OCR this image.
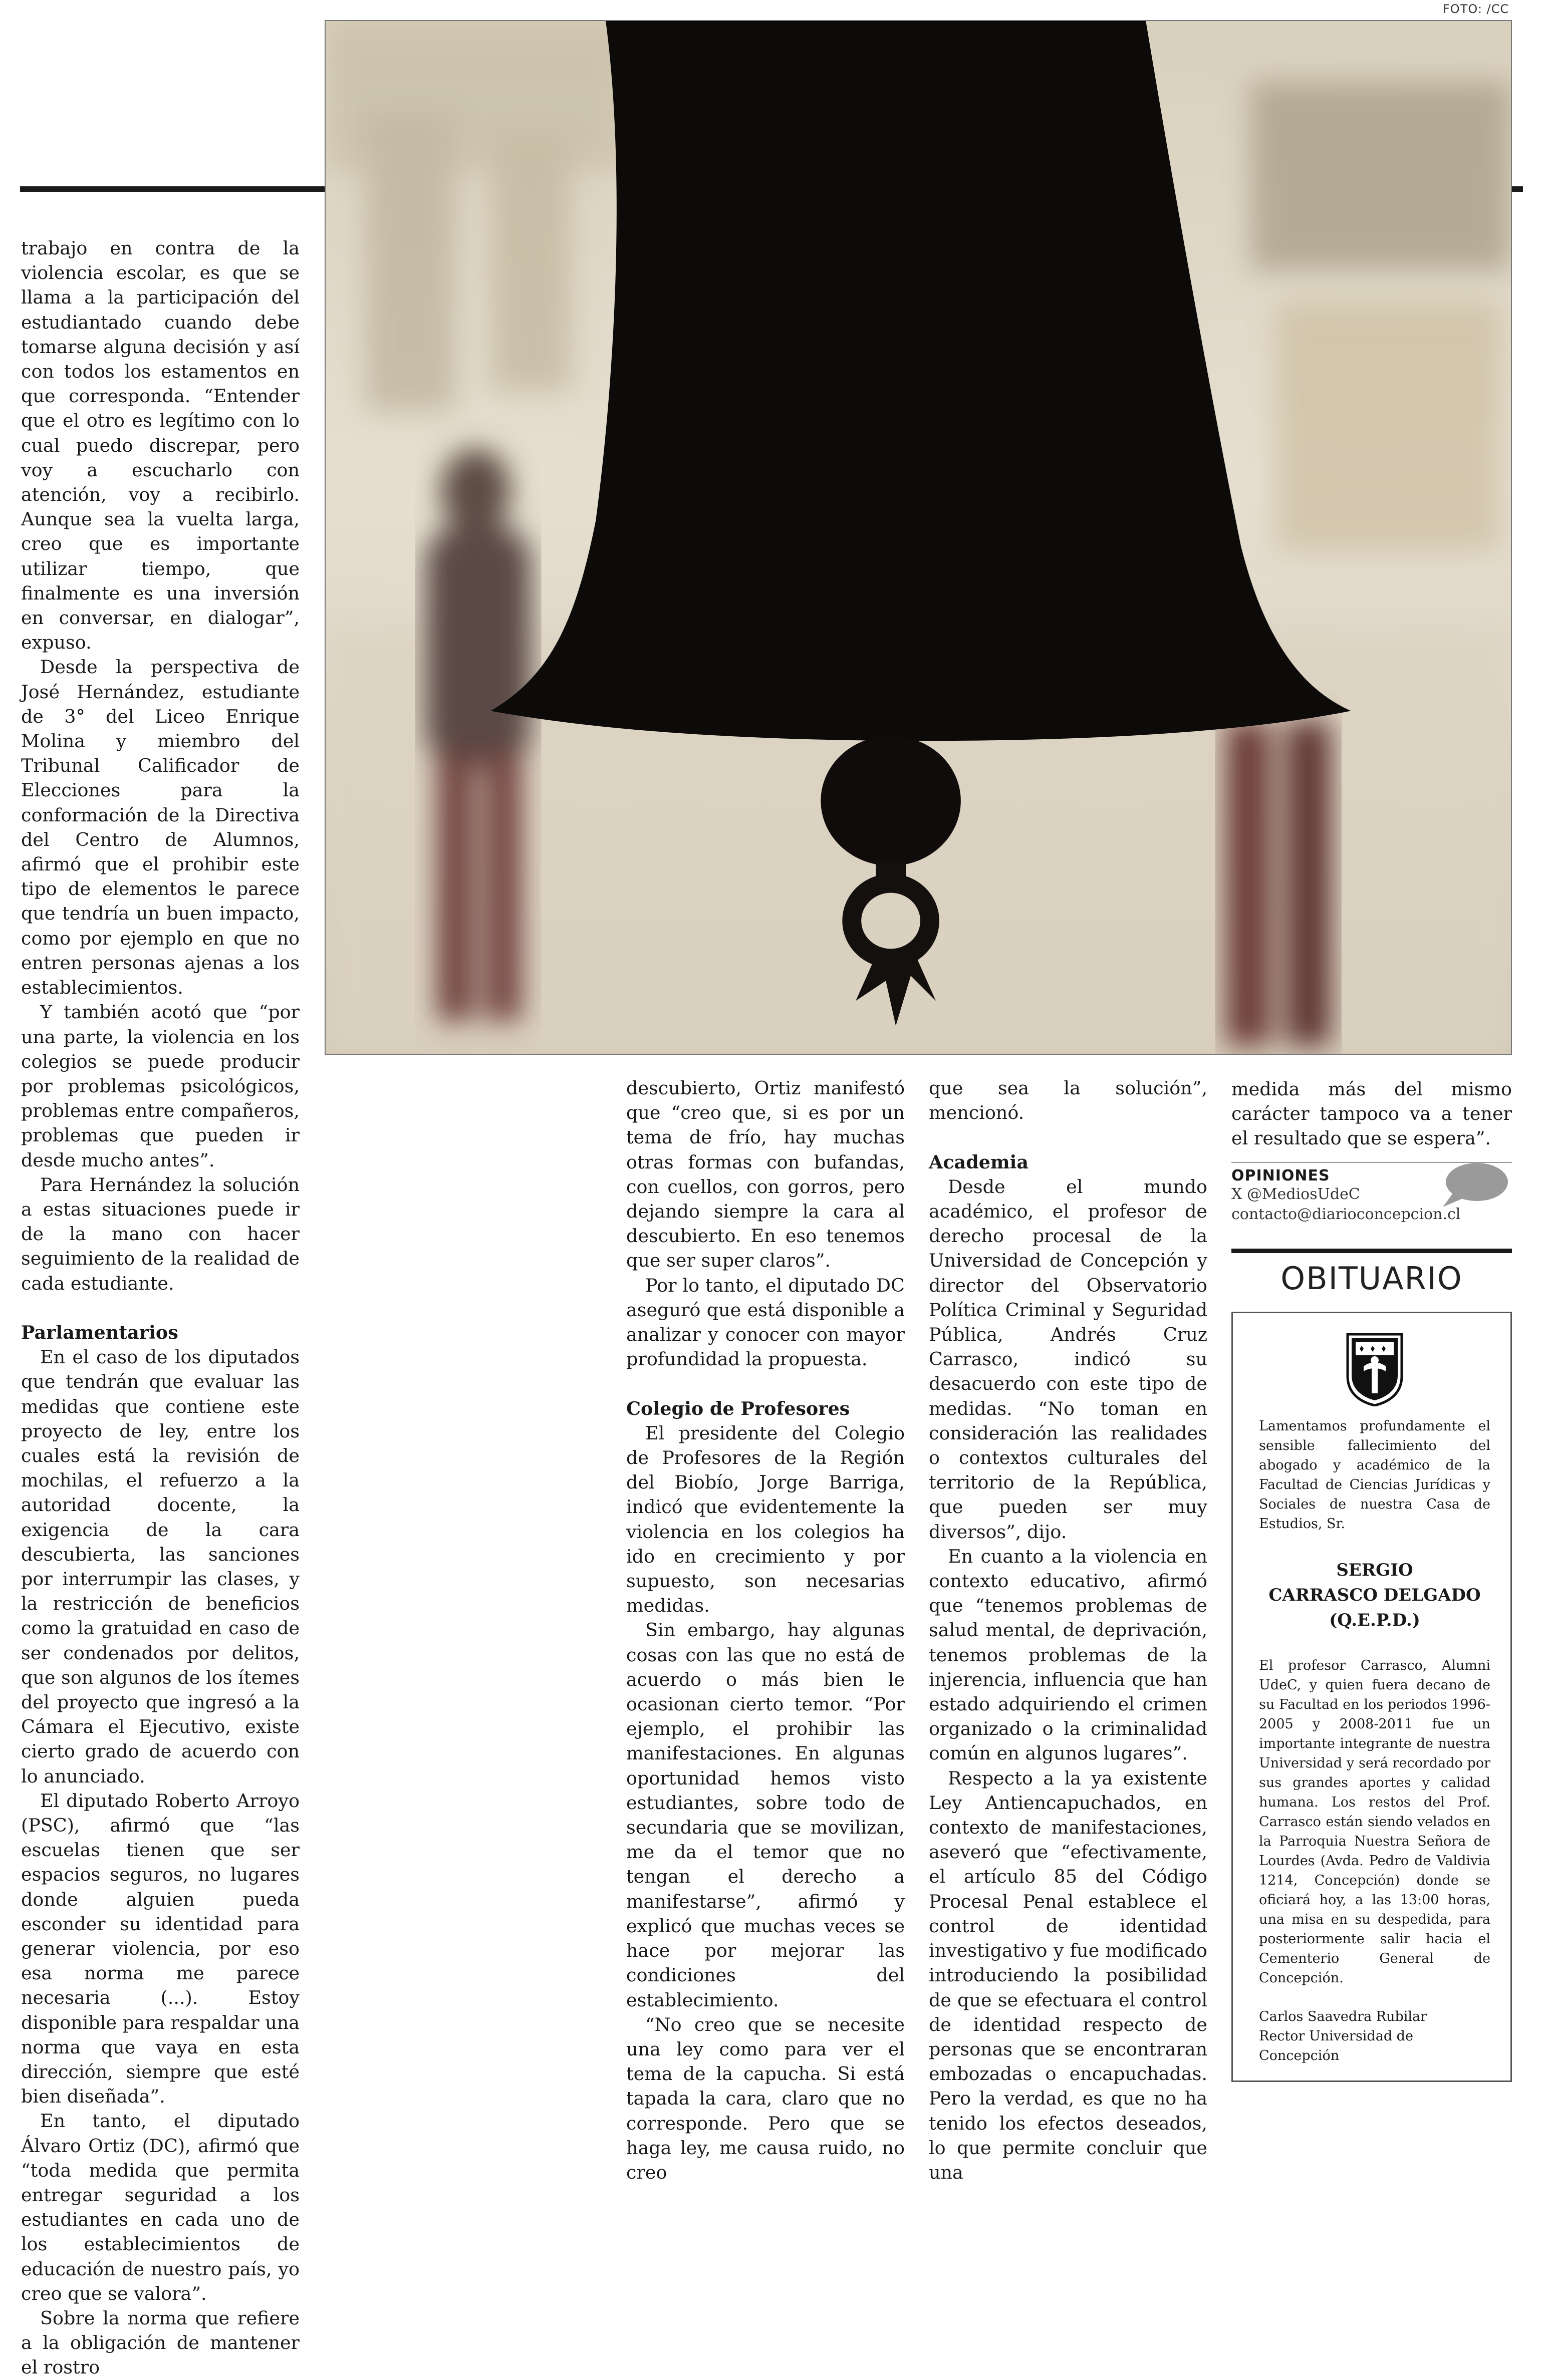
FOTO: /CC

trabajo en contra de la violencia escolar, es que se llama a la participación del estudiantado cuando debe tomarse alguna decisión y así con todos los estamentos en que corresponda. “Entender que el otro es legítimo con lo cual puedo discrepar, pero voy a escucharlo con atención, voy a recibirlo. Aunque sea la vuelta larga, creo que es importante utilizar tiempo, que finalmente es una inversión en conversar, en dialogar”, expuso.

Desde la perspectiva de José Hernández, estudiante de 3° del Liceo Enrique Molina y miembro del Tribunal Calificador de Elecciones para la conformación de la Directiva del Centro de Alumnos, afirmó que el prohibir este tipo de elementos le parece que tendría un buen impacto, como por ejemplo en que no entren personas ajenas a los establecimientos.

Y también acotó que “por una parte, la violencia en los colegios se puede producir por problemas psicológicos, problemas entre compañeros, problemas que pueden ir desde mucho antes”.

Para Hernández la solución a estas situaciones puede ir de la mano con hacer seguimiento de la realidad de cada estudiante.

Parlamentarios

En el caso de los diputados que tendrán que evaluar las medidas que contiene este proyecto de ley, entre los cuales está la revisión de mochilas, el refuerzo a la autoridad docente, la exigencia de la cara descubierta, las sanciones por interrumpir las clases, y la restricción de beneficios como la gratuidad en caso de ser condenados por delitos, que son algunos de los ítemes del proyecto que ingresó a la Cámara el Ejecutivo, existe cierto grado de acuerdo con lo anunciado.

El diputado Roberto Arroyo (PSC), afirmó que “las escuelas tienen que ser espacios seguros, no lugares donde alguien pueda esconder su identidad para generar violencia, por eso esa norma me parece necesaria (...). Estoy disponible para respaldar una norma que vaya en esta dirección, siempre que esté bien diseñada”.

En tanto, el diputado Álvaro Ortiz (DC), afirmó que “toda medida que permita entregar seguridad a los estudiantes en cada uno de los establecimientos de educación de nuestro país, yo creo que se valora”.

Sobre la norma que refiere a la obligación de mantener el rostro

descubierto, Ortiz manifestó que “creo que, si es por un tema de frío, hay muchas otras formas con bufandas, con cuellos, con gorros, pero dejando siempre la cara al descubierto. En eso tenemos que ser super claros”.

Por lo tanto, el diputado DC aseguró que está disponible a analizar y conocer con mayor profundidad la propuesta.

Colegio de Profesores

El presidente del Colegio de Profesores de la Región del Biobío, Jorge Barriga, indicó que evidentemente la violencia en los colegios ha ido en crecimiento y por supuesto, son necesarias medidas.

Sin embargo, hay algunas cosas con las que no está de acuerdo o más bien le ocasionan cierto temor. “Por ejemplo, el prohibir las manifestaciones. En algunas oportunidad hemos visto estudiantes, sobre todo de secundaria que se movilizan, me da el temor que no tengan el derecho a manifestarse”, afirmó y explicó que muchas veces se hace por mejorar las condiciones del establecimiento.

“No creo que se necesite una ley como para ver el tema de la capucha. Si está tapada la cara, claro que no corresponde. Pero que se haga ley, me causa ruido, no creo

que sea la solución”, mencionó.

Academia

Desde el mundo académico, el profesor de derecho procesal de la Universidad de Concepción y director del Observatorio Política Criminal y Seguridad Pública, Andrés Cruz Carrasco, indicó su desacuerdo con este tipo de medidas. “No toman en consideración las realidades o contextos culturales del territorio de la República, que pueden ser muy diversos”, dijo.

En cuanto a la violencia en contexto educativo, afirmó que “tenemos problemas de salud mental, de deprivación, tenemos problemas de la injerencia, influencia que han estado adquiriendo el crimen organizado o la criminalidad común en algunos lugares”.

Respecto a la ya existente Ley Antiencapuchados, en contexto de manifestaciones, aseveró que “efectivamente, el artículo 85 del Código Procesal Penal establece el control de identidad investigativo y fue modificado introduciendo la posibilidad de que se efectuara el control de identidad respecto de personas que se encontraran embozadas o encapuchadas. Pero la verdad, es que no ha tenido los efectos deseados, lo que permite concluir que una

medida más del mismo carácter tampoco va a tener el resultado que se espera”.
OPINIONES
X @MediosUdeC
contacto@diarioconcepcion.cl
OBITUARIO

Lamentamos profundamente el sensible fallecimiento del abogado y académico de la Facultad de Ciencias Jurídicas y Sociales de nuestra Casa de Estudios, Sr.

SERGIO
CARRASCO DELGADO
(Q.E.P.D.)

El profesor Carrasco, Alumni UdeC, y quien fuera decano de su Facultad en los periodos 1996-2005 y 2008-2011 fue un importante integrante de nuestra Universidad y será recordado por sus grandes aportes y calidad humana. Los restos del Prof. Carrasco están siendo velados en la Parroquia Nuestra Señora de Lourdes (Avda. Pedro de Valdivia 1214, Concepción) donde se oficiará hoy, a las 13:00 horas, una misa en su despedida, para posteriormente salir hacia el Cementerio General de Concepción.

Carlos Saavedra Rubilar
Rector Universidad de Concepción
